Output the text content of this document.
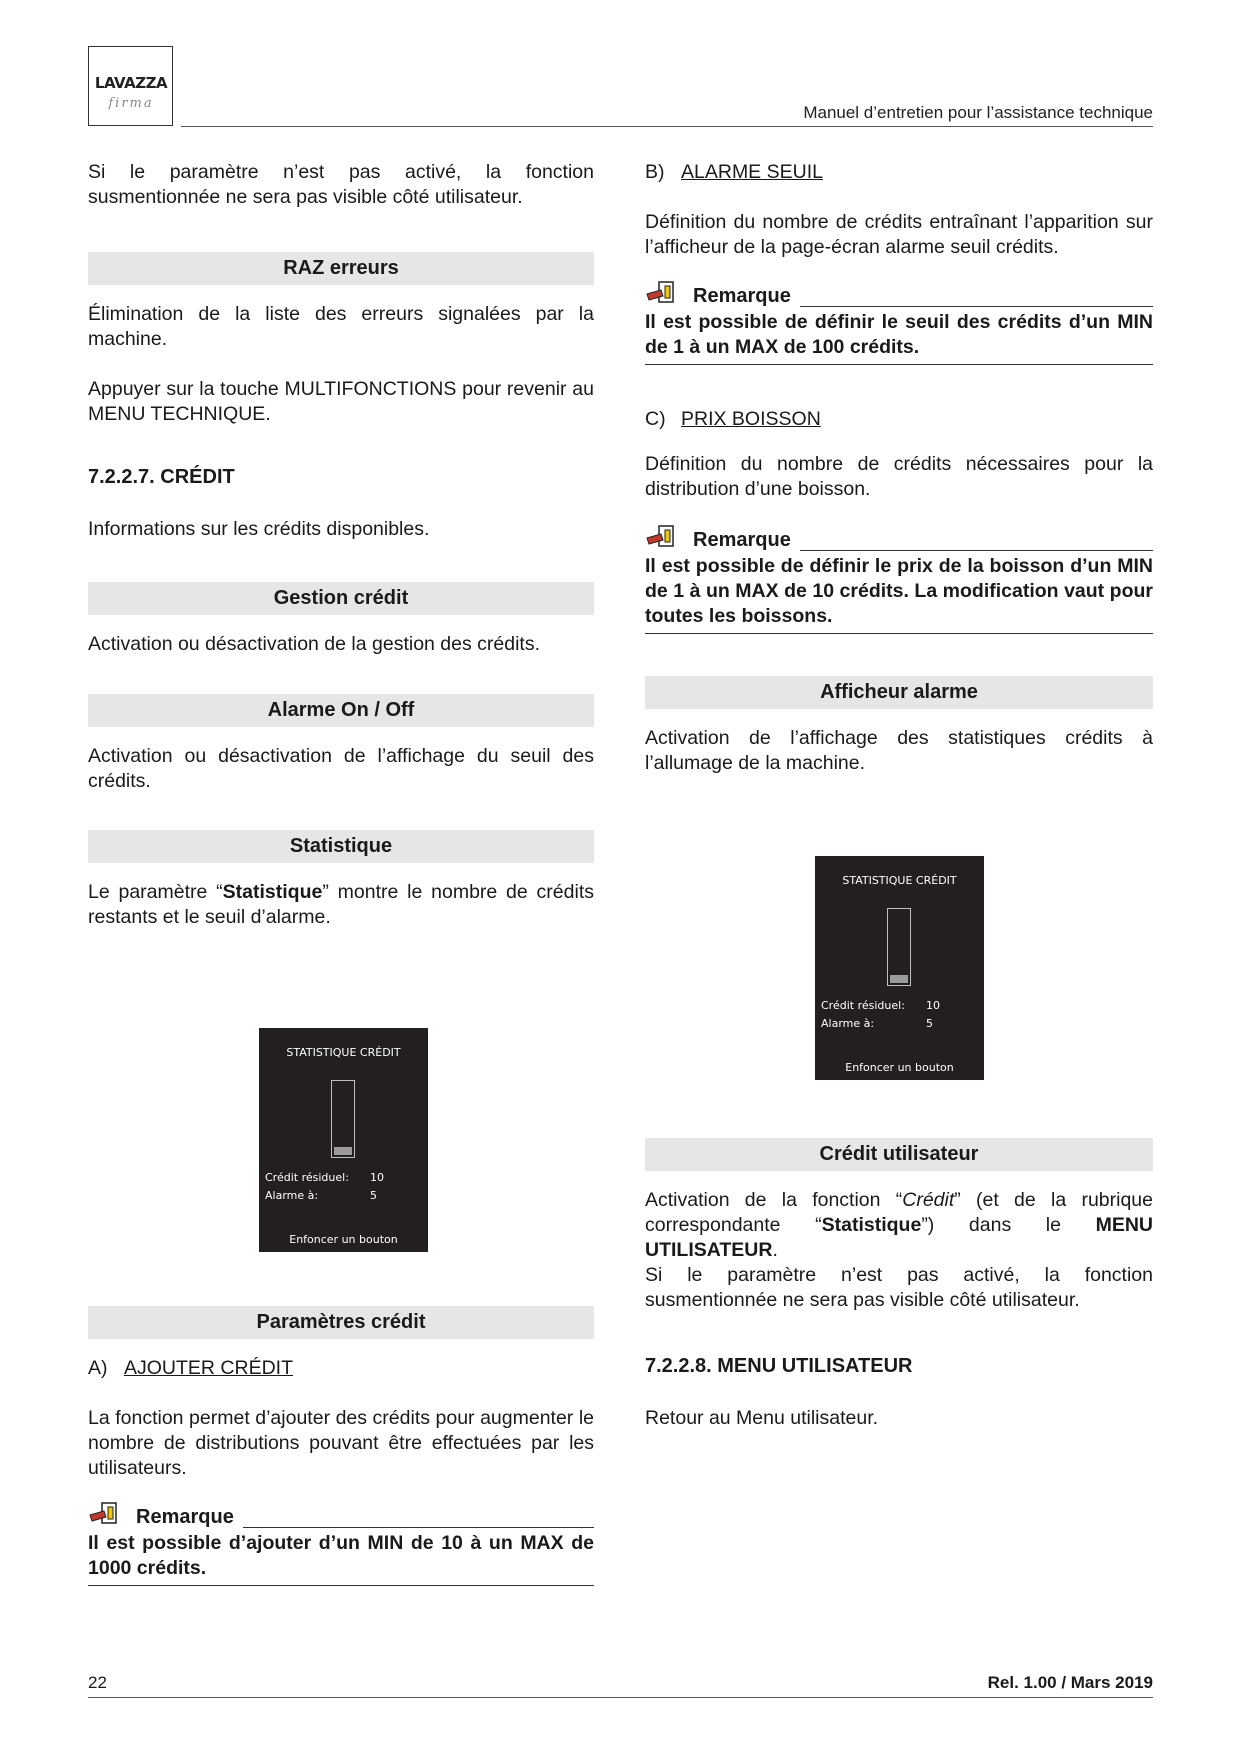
LAVAZZA
firma	Manuel d’entretien pour l’assistance technique

Si le paramètre n’est pas activé, la fonction susmentionnée ne sera pas visible côté utilisateur.

RAZ erreurs

Élimination de la liste des erreurs signalées par la machine.

Appuyer sur la touche MULTIFONCTIONS pour revenir au MENU TECHNIQUE.

7.2.2.7. CRÉDIT

Informations sur les crédits disponibles.

Gestion crédit

Activation ou désactivation de la gestion des crédits.

Alarme On / Off

Activation ou désactivation de l’affichage du seuil des crédits.

Statistique

Le paramètre “Statistique” montre le nombre de crédits restants et le seuil d’alarme.

STATISTIQUE CRÉDIT
Crédit résiduel: 10
Alarme à:	5
Enfoncer un bouton
Paramètres crédit
A) AJOUTER CRÉDIT

La fonction permet d’ajouter des crédits pour augmenter le nombre de distributions pouvant être effectuées par les utilisateurs.

Remarque

Il est possible d’ajouter d’un MIN de 10 à un MAX de 1000 crédits.

B) ALARME SEUIL

Définition du nombre de crédits entraînant l’apparition sur l’afficheur de la page-écran alarme seuil crédits.

Remarque

Il est possible de définir le seuil des crédits d’un MIN de 1 à un MAX de 100 crédits.

C) PRIX BOISSON

Définition du nombre de crédits nécessaires pour la distribution d’une boisson.

Remarque

Il est possible de définir le prix de la boisson d’un MIN de 1 à un MAX de 10 crédits. La modification vaut pour toutes les boissons.

Afficheur alarme

Activation de l’affichage des statistiques crédits à l’allumage de la machine.

STATISTIQUE CRÉDIT
Crédit résiduel: 10
Alarme à:	5
Enfoncer un bouton
Crédit utilisateur

Activation de la fonction “Crédit” (et de la rubrique correspondante “Statistique”) dans le MENU UTILISATEUR.

Si le paramètre n’est pas activé, la fonction susmentionnée ne sera pas visible côté utilisateur.

7.2.2.8. MENU UTILISATEUR

Retour au Menu utilisateur.

22	Rel. 1.00 / Mars 2019
